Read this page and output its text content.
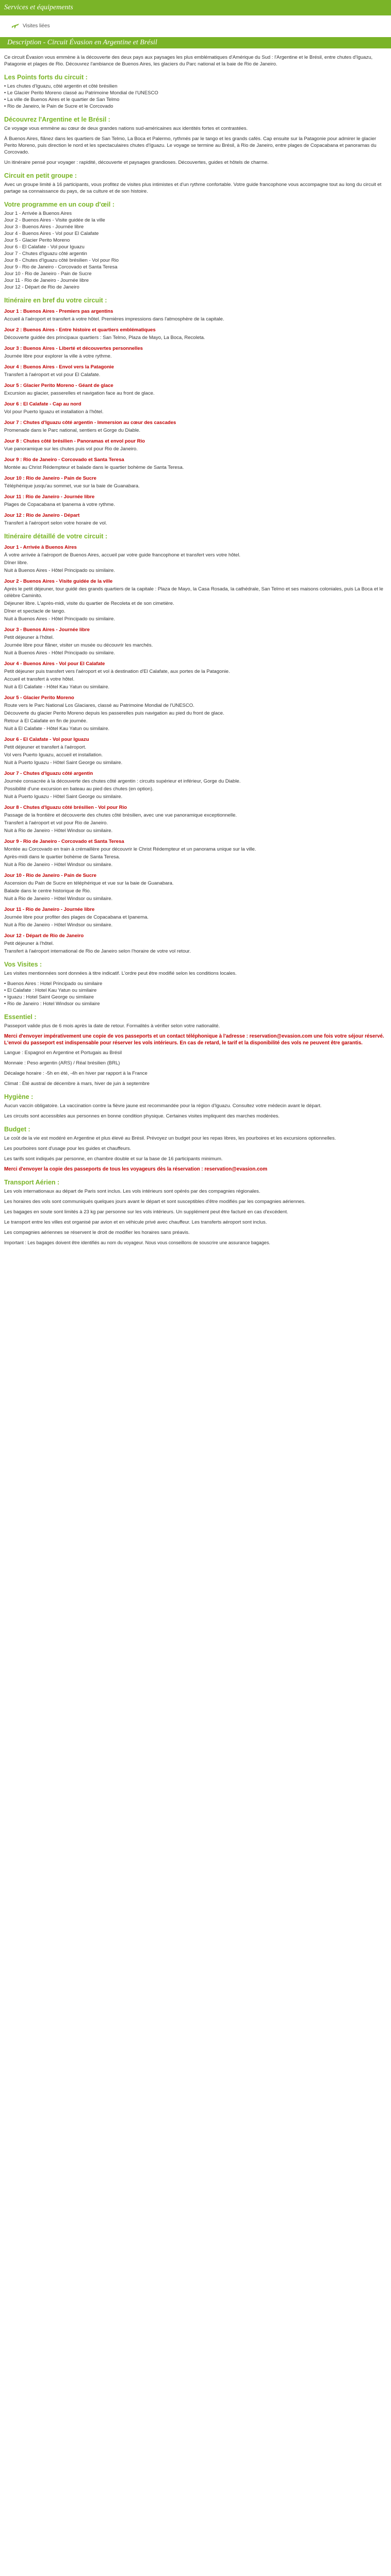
Services et équipements
Visites liées
Description - Circuit Évasion en Argentine et Brésil

Ce circuit Évasion vous emmène à la découverte des deux pays aux paysages les plus emblématiques d'Amérique du Sud : l'Argentine et le Brésil, entre chutes d'Iguazu, Patagonie et plages de Rio. Découvrez l'ambiance de Buenos Aires, les glaciers du Parc national et la baie de Rio de Janeiro.

Les Points forts du circuit :
• Les chutes d'Iguazu, côté argentin et côté brésilien
• Le Glacier Perito Moreno classé au Patrimoine Mondial de l'UNESCO
• La ville de Buenos Aires et le quartier de San Telmo
• Rio de Janeiro, le Pain de Sucre et le Corcovado
Découvrez l'Argentine et le Brésil :

Ce voyage vous emmène au cœur de deux grandes nations sud-américaines aux identités fortes et contrastées.

À Buenos Aires, flânez dans les quartiers de San Telmo, La Boca et Palermo, rythmés par le tango et les grands cafés. Cap ensuite sur la Patagonie pour admirer le glacier Perito Moreno, puis direction le nord et les spectaculaires chutes d'Iguazu. Le voyage se termine au Brésil, à Rio de Janeiro, entre plages de Copacabana et panoramas du Corcovado.

Un itinéraire pensé pour voyager : rapidité, découverte et paysages grandioses. Découvertes, guides et hôtels de charme.

Circuit en petit groupe :

Avec un groupe limité à 16 participants, vous profitez de visites plus intimistes et d'un rythme confortable. Votre guide francophone vous accompagne tout au long du circuit et partage sa connaissance du pays, de sa culture et de son histoire.

Votre programme en un coup d'œil :
Jour 1 - Arrivée à Buenos Aires
Jour 2 - Buenos Aires - Visite guidée de la ville
Jour 3 - Buenos Aires - Journée libre
Jour 4 - Buenos Aires - Vol pour El Calafate
Jour 5 - Glacier Perito Moreno
Jour 6 - El Calafate - Vol pour Iguazu
Jour 7 - Chutes d'Iguazu côté argentin
Jour 8 - Chutes d'Iguazu côté brésilien - Vol pour Rio
Jour 9 - Rio de Janeiro - Corcovado et Santa Teresa
Jour 10 - Rio de Janeiro - Pain de Sucre
Jour 11 - Rio de Janeiro - Journée libre
Jour 12 - Départ de Rio de Janeiro
Itinéraire en bref du votre circuit :
Jour 1 : Buenos Aires - Premiers pas argentins
Accueil à l'aéroport et transfert à votre hôtel. Premières impressions dans l'atmosphère de la capitale.
Jour 2 : Buenos Aires - Entre histoire et quartiers emblématiques
Découverte guidée des principaux quartiers : San Telmo, Plaza de Mayo, La Boca, Recoleta.
Jour 3 : Buenos Aires - Liberté et découvertes personnelles
Journée libre pour explorer la ville à votre rythme.
Jour 4 : Buenos Aires - Envol vers la Patagonie
Transfert à l'aéroport et vol pour El Calafate.
Jour 5 : Glacier Perito Moreno - Géant de glace
Excursion au glacier, passerelles et navigation face au front de glace.
Jour 6 : El Calafate - Cap au nord
Vol pour Puerto Iguazu et installation à l'hôtel.
Jour 7 : Chutes d'Iguazu côté argentin - Immersion au cœur des cascades
Promenade dans le Parc national, sentiers et Gorge du Diable.
Jour 8 : Chutes côté brésilien - Panoramas et envol pour Rio
Vue panoramique sur les chutes puis vol pour Rio de Janeiro.
Jour 9 : Rio de Janeiro - Corcovado et Santa Teresa
Montée au Christ Rédempteur et balade dans le quartier bohème de Santa Teresa.
Jour 10 : Rio de Janeiro - Pain de Sucre
Téléphérique jusqu'au sommet, vue sur la baie de Guanabara.
Jour 11 : Rio de Janeiro - Journée libre
Plages de Copacabana et Ipanema à votre rythme.
Jour 12 : Rio de Janeiro - Départ
Transfert à l'aéroport selon votre horaire de vol.
Itinéraire détaillé de votre circuit :
Jour 1 - Arrivée à Buenos Aires
À votre arrivée à l'aéroport de Buenos Aires, accueil par votre guide francophone et transfert vers votre hôtel.
Dîner libre.
Nuit à Buenos Aires - Hôtel Principado ou similaire.
Jour 2 - Buenos Aires - Visite guidée de la ville
Après le petit déjeuner, tour guidé des grands quartiers de la capitale : Plaza de Mayo, la Casa Rosada, la cathédrale, San Telmo et ses maisons coloniales, puis La Boca et le célèbre Caminito.
Déjeuner libre. L'après-midi, visite du quartier de Recoleta et de son cimetière.
Dîner et spectacle de tango.
Nuit à Buenos Aires - Hôtel Principado ou similaire.
Jour 3 - Buenos Aires - Journée libre
Petit déjeuner à l'hôtel.
Journée libre pour flâner, visiter un musée ou découvrir les marchés.
Nuit à Buenos Aires - Hôtel Principado ou similaire.
Jour 4 - Buenos Aires - Vol pour El Calafate
Petit déjeuner puis transfert vers l'aéroport et vol à destination d'El Calafate, aux portes de la Patagonie.
Accueil et transfert à votre hôtel.
Nuit à El Calafate - Hôtel Kau Yatun ou similaire.
Jour 5 - Glacier Perito Moreno
Route vers le Parc National Los Glaciares, classé au Patrimoine Mondial de l'UNESCO.
Découverte du glacier Perito Moreno depuis les passerelles puis navigation au pied du front de glace.
Retour à El Calafate en fin de journée.
Nuit à El Calafate - Hôtel Kau Yatun ou similaire.
Jour 6 - El Calafate - Vol pour Iguazu
Petit déjeuner et transfert à l'aéroport.
Vol vers Puerto Iguazu, accueil et installation.
Nuit à Puerto Iguazu - Hôtel Saint George ou similaire.
Jour 7 - Chutes d'Iguazu côté argentin
Journée consacrée à la découverte des chutes côté argentin : circuits supérieur et inférieur, Gorge du Diable.
Possibilité d'une excursion en bateau au pied des chutes (en option).
Nuit à Puerto Iguazu - Hôtel Saint George ou similaire.
Jour 8 - Chutes d'Iguazu côté brésilien - Vol pour Rio
Passage de la frontière et découverte des chutes côté brésilien, avec une vue panoramique exceptionnelle.
Transfert à l'aéroport et vol pour Rio de Janeiro.
Nuit à Rio de Janeiro - Hôtel Windsor ou similaire.
Jour 9 - Rio de Janeiro - Corcovado et Santa Teresa
Montée au Corcovado en train à crémaillère pour découvrir le Christ Rédempteur et un panorama unique sur la ville.
Après-midi dans le quartier bohème de Santa Teresa.
Nuit à Rio de Janeiro - Hôtel Windsor ou similaire.
Jour 10 - Rio de Janeiro - Pain de Sucre
Ascension du Pain de Sucre en téléphérique et vue sur la baie de Guanabara.
Balade dans le centre historique de Rio.
Nuit à Rio de Janeiro - Hôtel Windsor ou similaire.
Jour 11 - Rio de Janeiro - Journée libre
Journée libre pour profiter des plages de Copacabana et Ipanema.
Nuit à Rio de Janeiro - Hôtel Windsor ou similaire.
Jour 12 - Départ de Rio de Janeiro
Petit déjeuner à l'hôtel.
Transfert à l'aéroport international de Rio de Janeiro selon l'horaire de votre vol retour.
Vos Visites :

Les visites mentionnées sont données à titre indicatif. L'ordre peut être modifié selon les conditions locales.

• Buenos Aires : Hotel Principado ou similaire
• El Calafate : Hotel Kau Yatun ou similaire
• Iguazu : Hotel Saint George ou similaire
• Rio de Janeiro : Hotel Windsor ou similaire
Essentiel :

Passeport valide plus de 6 mois après la date de retour. Formalités à vérifier selon votre nationalité.

Merci d'envoyer impérativement une copie de vos passeports et un contact téléphonique à l'adresse : reservation@evasion.com une fois votre séjour réservé. L'envoi du passeport est indispensable pour réserver les vols intérieurs. En cas de retard, le tarif et la disponibilité des vols ne peuvent être garantis.

Langue : Espagnol en Argentine et Portugais au Brésil

Monnaie : Peso argentin (ARS) / Réal brésilien (BRL)

Décalage horaire : -5h en été, -4h en hiver par rapport à la France

Climat : Été austral de décembre à mars, hiver de juin à septembre

Hygiène :

Aucun vaccin obligatoire. La vaccination contre la fièvre jaune est recommandée pour la région d'Iguazu. Consultez votre médecin avant le départ.

Les circuits sont accessibles aux personnes en bonne condition physique. Certaines visites impliquent des marches modérées.

Budget :

Le coût de la vie est modéré en Argentine et plus élevé au Brésil. Prévoyez un budget pour les repas libres, les pourboires et les excursions optionnelles.

Les pourboires sont d'usage pour les guides et chauffeurs.

Les tarifs sont indiqués par personne, en chambre double et sur la base de 16 participants minimum.

Merci d'envoyer la copie des passeports de tous les voyageurs dès la réservation : reservation@evasion.com
Transport Aérien :

Les vols internationaux au départ de Paris sont inclus. Les vols intérieurs sont opérés par des compagnies régionales.

Les horaires des vols sont communiqués quelques jours avant le départ et sont susceptibles d'être modifiés par les compagnies aériennes.

Les bagages en soute sont limités à 23 kg par personne sur les vols intérieurs. Un supplément peut être facturé en cas d'excédent.

Le transport entre les villes est organisé par avion et en véhicule privé avec chauffeur. Les transferts aéroport sont inclus.

Les compagnies aériennes se réservent le droit de modifier les horaires sans préavis.

Important : Les bagages doivent être identifiés au nom du voyageur. Nous vous conseillons de souscrire une assurance bagages.
